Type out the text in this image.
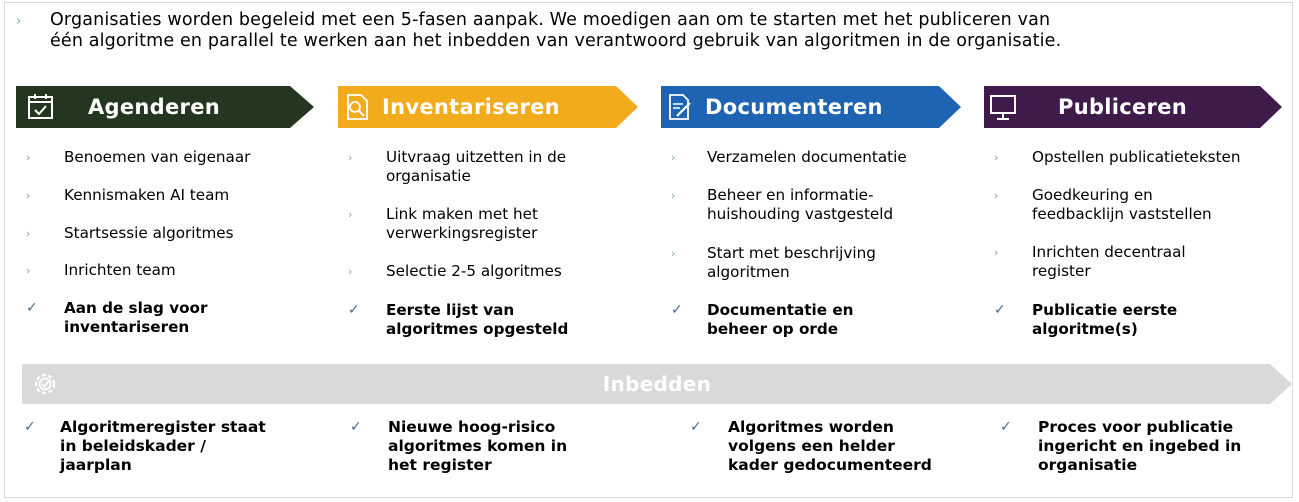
› Organisaties worden begeleid met een 5-fasen aanpak. We moedigen aan om te starten met het publiceren van
één algoritme en parallel te werken aan het inbedden van verantwoord gebruik van algoritmen in de organisatie.

Agenderen	Inventariseren	Documenteren	Publiceren
› Benoemen van eigenaar
› Kennismaken AI team
› Startsessie algoritmes
› Inrichten team
✓ Aan de slag voor
inventariseren
› Uitvraag uitzetten in de
organisatie
› Link maken met het
verwerkingsregister
› Selectie 2-5 algoritmes
✓ Eerste lijst van
algoritmes opgesteld
› Verzamelen documentatie
› Beheer en informatie-
huishouding vastgesteld
› Start met beschrijving
algoritmen
✓ Documentatie en
beheer op orde
› Opstellen publicatieteksten
› Goedkeuring en
feedbacklijn vaststellen
› Inrichten decentraal
register
✓ Publicatie eerste
algoritme(s)
Inbedden
✓ Algoritmeregister staat
in beleidskader /
jaarplan
✓ Nieuwe hoog-risico
algoritmes komen in
het register
✓ Algoritmes worden
volgens een helder
kader gedocumenteerd
✓ Proces voor publicatie
ingericht en ingebed in
organisatie
